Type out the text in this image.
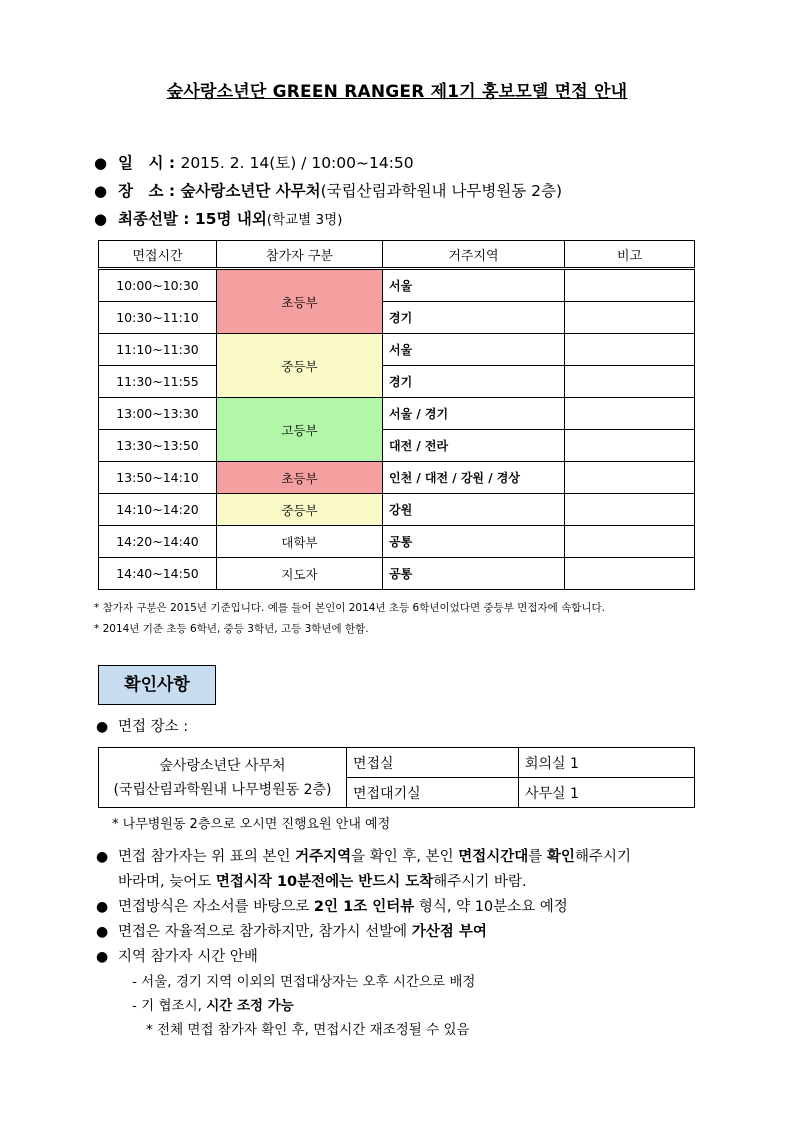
숲사랑소년단 GREEN RANGER 제1기 홍보모델 면접 안내
● 일　시 : 2015. 2. 14(토) / 10:00~14:50
● 장　소 : 숲사랑소년단 사무처(국립산림과학원내 나무병원동 2층)
● 최종선발 : 15명 내외(학교별 3명)
면접시간	참가자 구분	거주지역	비고
10:00~10:30	초등부	서울	
10:30~11:10		경기	
11:10~11:30	중등부	서울	
11:30~11:55		경기	
13:00~13:30	고등부	서울 / 경기	
13:30~13:50		대전 / 전라	
13:50~14:10	초등부	인천 / 대전 / 강원 / 경상	
14:10~14:20	중등부	강원	
14:20~14:40	대학부	공통	
14:40~14:50	지도자	공통	
* 참가자 구분은 2015년 기준입니다. 예를 들어 본인이 2014년 초등 6학년이었다면 중등부 면접자에 속합니다.
* 2014년 기준 초등 6학년, 중등 3학년, 고등 3학년에 한함.
확인사항
● 면접 장소 :
숲사랑소년단 사무처
(국립산림과학원내 나무병원동 2층)	면접실	회의실 1
	면접대기실	사무실 1
* 나무병원동 2층으로 오시면 진행요원 안내 예정
● 면접 참가자는 위 표의 본인 거주지역을 확인 후, 본인 면접시간대를 확인해주시기
바라며, 늦어도 면접시작 10분전에는 반드시 도착해주시기 바람.
● 면접방식은 자소서를 바탕으로 2인 1조 인터뷰 형식, 약 10분소요 예정
● 면접은 자율적으로 참가하지만, 참가시 선발에 가산점 부여
● 지역 참가자 시간 안배
- 서울, 경기 지역 이외의 면접대상자는 오후 시간으로 배정
- 기 협조시, 시간 조정 가능
* 전체 면접 참가자 확인 후, 면접시간 재조정될 수 있음
